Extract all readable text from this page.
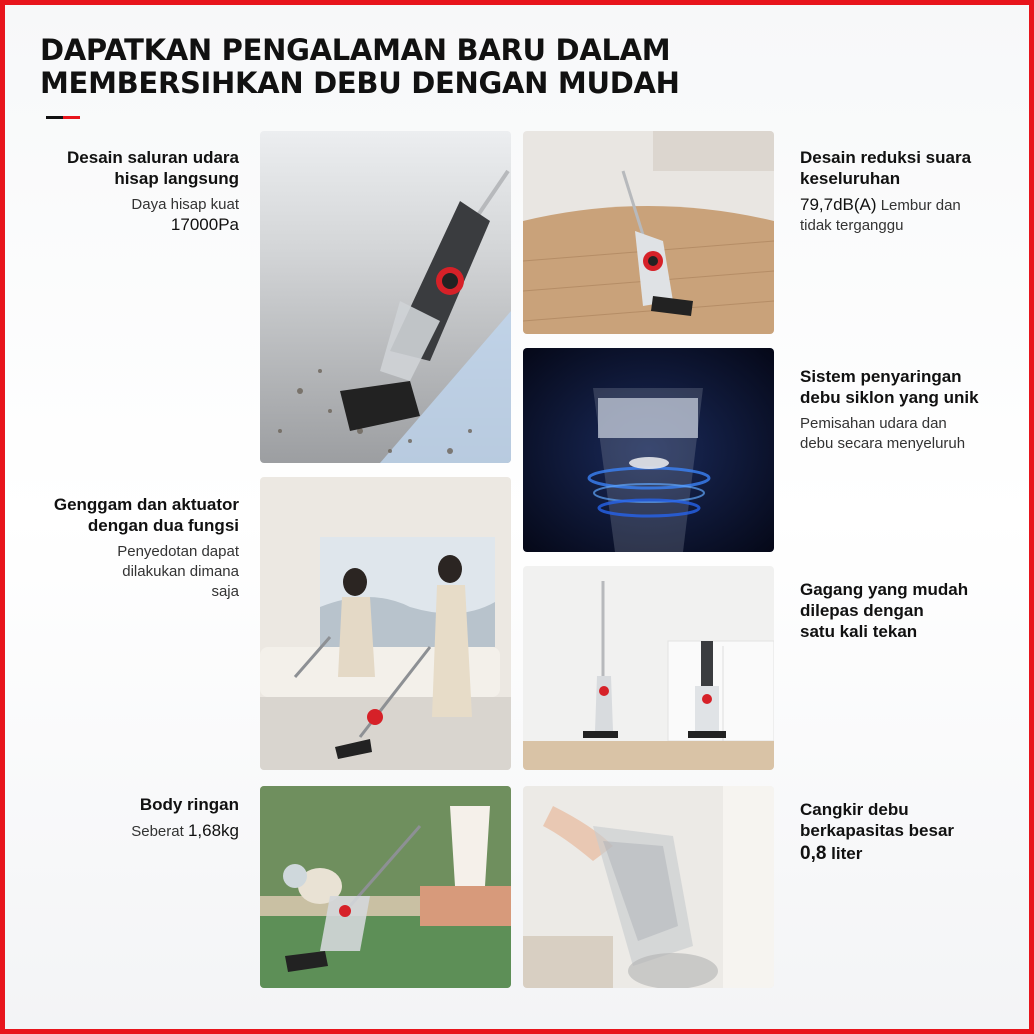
DAPATKAN PENGALAMAN BARU DALAM
MEMBERSIHKAN DEBU DENGAN MUDAH
Desain saluran udara
hisap langsung
Daya hisap kuat
17000Pa
Desain reduksi suara
keseluruhan
79,7dB(A) Lembur dan
tidak terganggu
Sistem penyaringan
debu siklon yang unik
Pemisahan udara dan
debu secara menyeluruh
Genggam dan aktuator
dengan dua fungsi
Penyedotan dapat
dilakukan dimana
saja	Gagang yang mudah
dilepas dengan
satu kali tekan
Body ringan
Seberat 1,68kg
Cangkir debu
berkapasitas besar
0,8 liter
